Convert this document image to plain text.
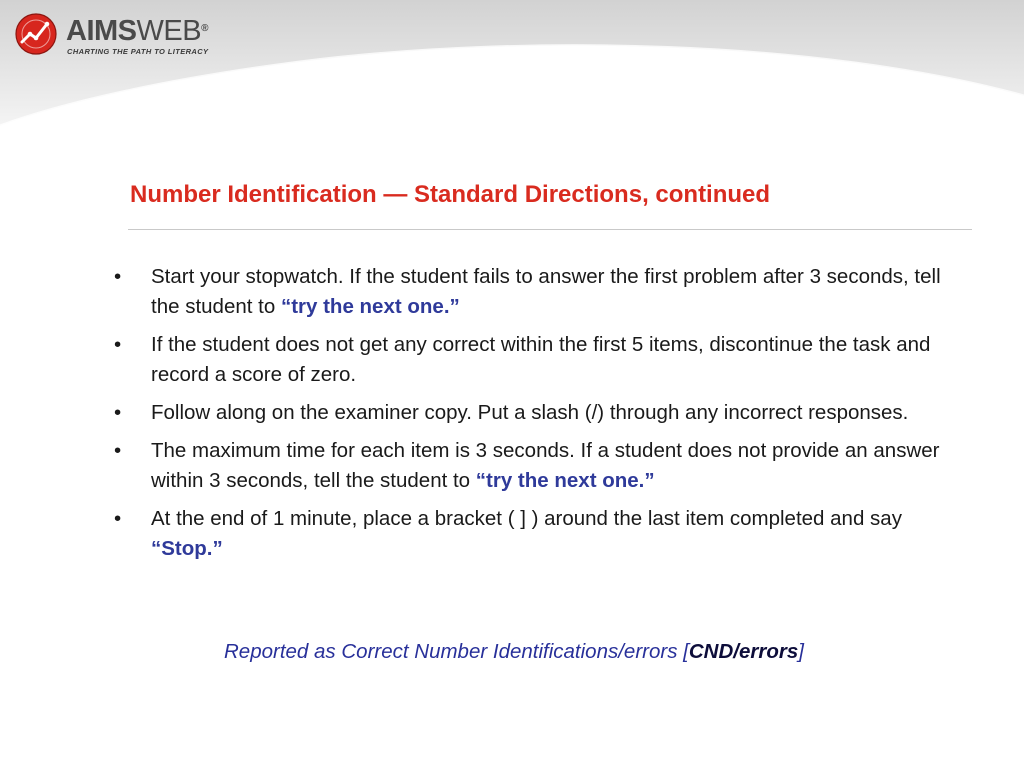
AIMSWEB®
CHARTING THE PATH TO LITERACY
Number Identification — Standard Directions, continued
• Start your stopwatch. If the student fails to answer the first problem after 3 seconds, tell the student to “try the next one.”
• If the student does not get any correct within the first 5 items, discontinue the task and record a score of zero.
• Follow along on the examiner copy. Put a slash (/) through any incorrect responses.
• The maximum time for each item is 3 seconds. If a student does not provide an answer within 3 seconds, tell the student to “try the next one.”
• At the end of 1 minute, place a bracket ( ] ) around the last item completed and say “Stop.”
Reported as Correct Number Identifications/errors [CND/errors]
